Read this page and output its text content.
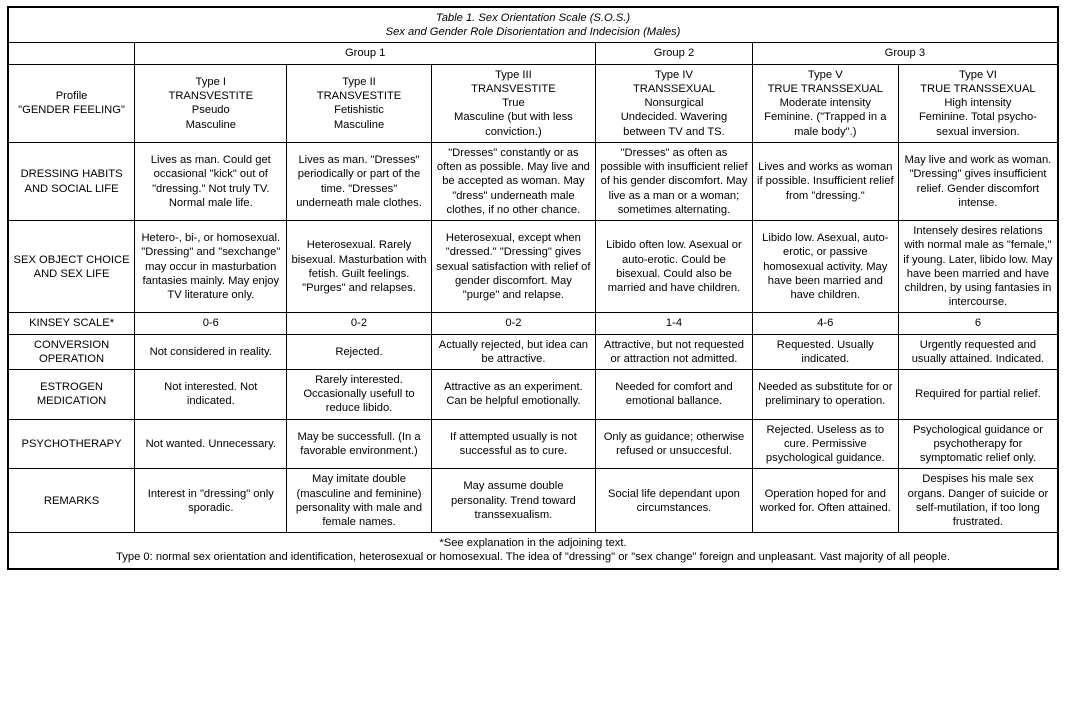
Table 1. Sex Orientation Scale (S.O.S.)
Sex and Gender Role Disorientation and Indecision (Males)						

	Group 1			Group 2	Group 3	

Profile
"GENDER FEELING"	Type I
TRANSVESTITE
Pseudo
Masculine	Type II
TRANSVESTITE
Fetishistic
Masculine	Type III
TRANSVESTITE
True
Masculine (but with less conviction.)	Type IV
TRANSSEXUAL
Nonsurgical
Undecided. Wavering between TV and TS.	Type V
TRUE TRANSSEXUAL
Moderate intensity
Feminine. ("Trapped in a male body".)	Type VI
TRUE TRANSSEXUAL
High intensity
Feminine. Total psycho-sexual inversion.

DRESSING HABITS AND SOCIAL LIFE	Lives as man. Could get occasional "kick" out of "dressing." Not truly TV. Normal male life.	Lives as man. "Dresses" periodically or part of the time. "Dresses" underneath male clothes.	"Dresses" constantly or as often as possible. May live and be accepted as woman. May "dress" underneath male clothes, if no other chance.	"Dresses" as often as possible with insufficient relief of his gender discomfort. May live as a man or a woman; sometimes alternating.	Lives and works as woman if possible. Insufficient relief from "dressing."	May live and work as woman. "Dressing" gives insufficient relief. Gender discomfort intense.
SEX OBJECT CHOICE AND SEX LIFE	Hetero-, bi-, or homosexual. "Dressing" and "sexchange" may occur in masturbation fantasies mainly. May enjoy TV literature only.	Heterosexual. Rarely bisexual. Masturbation with fetish. Guilt feelings. "Purges" and relapses.	Heterosexual, except when "dressed." "Dressing" gives sexual satisfaction with relief of gender discomfort. May "purge" and relapse.	Libido often low. Asexual or auto-erotic. Could be bisexual. Could also be married and have children.	Libido low. Asexual, auto-erotic, or passive homosexual activity. May have been married and have children.	Intensely desires relations with normal male as "female," if young. Later, libido low. May have been married and have children, by using fantasies in intercourse.
KINSEY SCALE*	0-6	0-2	0-2	1-4	4-6	6
CONVERSION OPERATION	Not considered in reality.	Rejected.	Actually rejected, but idea can be attractive.	Attractive, but not requested or attraction not admitted.	Requested. Usually indicated.	Urgently requested and usually attained. Indicated.
ESTROGEN MEDICATION	Not interested. Not indicated.	Rarely interested. Occasionally usefull to reduce libido.	Attractive as an experiment. Can be helpful emotionally.	Needed for comfort and emotional ballance.	Needed as substitute for or preliminary to operation.	Required for partial relief.
PSYCHOTHERAPY	Not wanted. Unnecessary.	May be successfull. (In a favorable environment.)	If attempted usually is not successful as to cure.	Only as guidance; otherwise refused or unsuccesful.	Rejected. Useless as to cure. Permissive psychological guidance.	Psychological guidance or psychotherapy for symptomatic relief only.
REMARKS	Interest in "dressing" only sporadic.	May imitate double (masculine and feminine) personality with male and female names.	May assume double personality. Trend toward transsexualism.	Social life dependant upon circumstances.	Operation hoped for and worked for. Often attained.	Despises his male sex organs. Danger of suicide or self-mutilation, if too long frustrated.

*See explanation in the adjoining text.
Type 0: normal sex orientation and identification, heterosexual or homosexual. The idea of "dressing" or "sex change" foreign and unpleasant. Vast majority of all people.						
